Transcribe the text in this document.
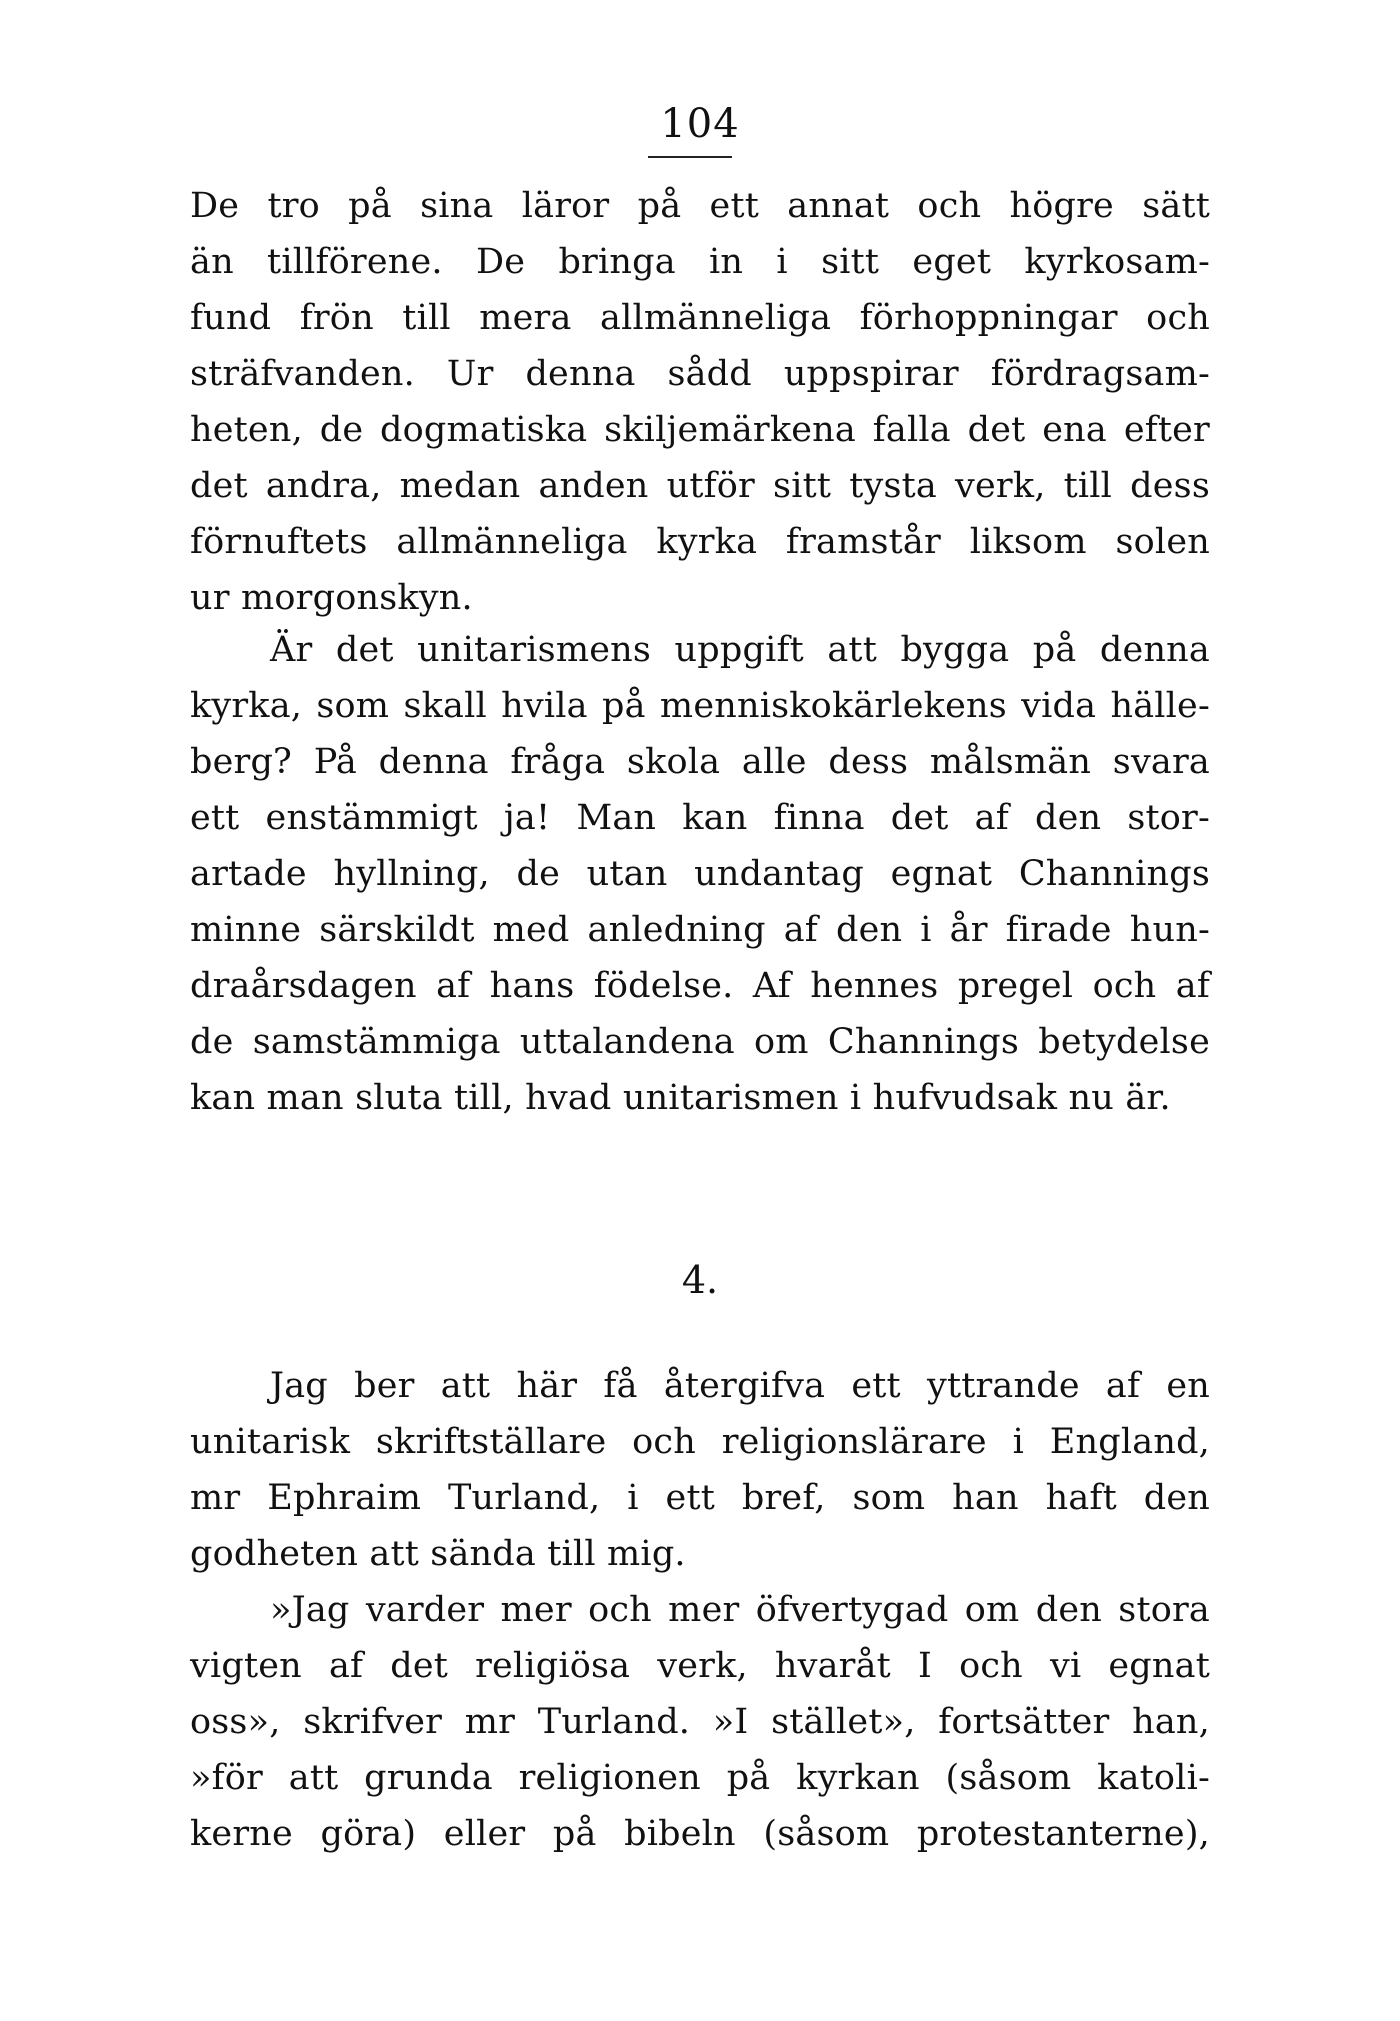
104
De tro på sina läror på ett annat och högre sätt
än tillförene. De bringa in i sitt eget kyrkosam-
fund frön till mera allmänneliga förhoppningar och
sträfvanden. Ur denna sådd uppspirar fördragsam-
heten, de dogmatiska skiljemärkena falla det ena efter
det andra, medan anden utför sitt tysta verk, till dess
förnuftets allmänneliga kyrka framstår liksom solen
ur morgonskyn.
Är det unitarismens uppgift att bygga på denna
kyrka, som skall hvila på menniskokärlekens vida hälle-
berg? På denna fråga skola alle dess målsmän svara
ett enstämmigt ja! Man kan finna det af den stor-
artade hyllning, de utan undantag egnat Channings
minne särskildt med anledning af den i år firade hun-
draårsdagen af hans födelse. Af hennes pregel och af
de samstämmiga uttalandena om Channings betydelse
kan man sluta till, hvad unitarismen i hufvudsak nu är.
4.
Jag ber att här få återgifva ett yttrande af en
unitarisk skriftställare och religionslärare i England,
mr Ephraim Turland, i ett bref, som han haft den
godheten att sända till mig.
»Jag varder mer och mer öfvertygad om den stora
vigten af det religiösa verk, hvaråt I och vi egnat
oss», skrifver mr Turland. »I stället», fortsätter han,
»för att grunda religionen på kyrkan (såsom katoli-
kerne göra) eller på bibeln (såsom protestanterne),
